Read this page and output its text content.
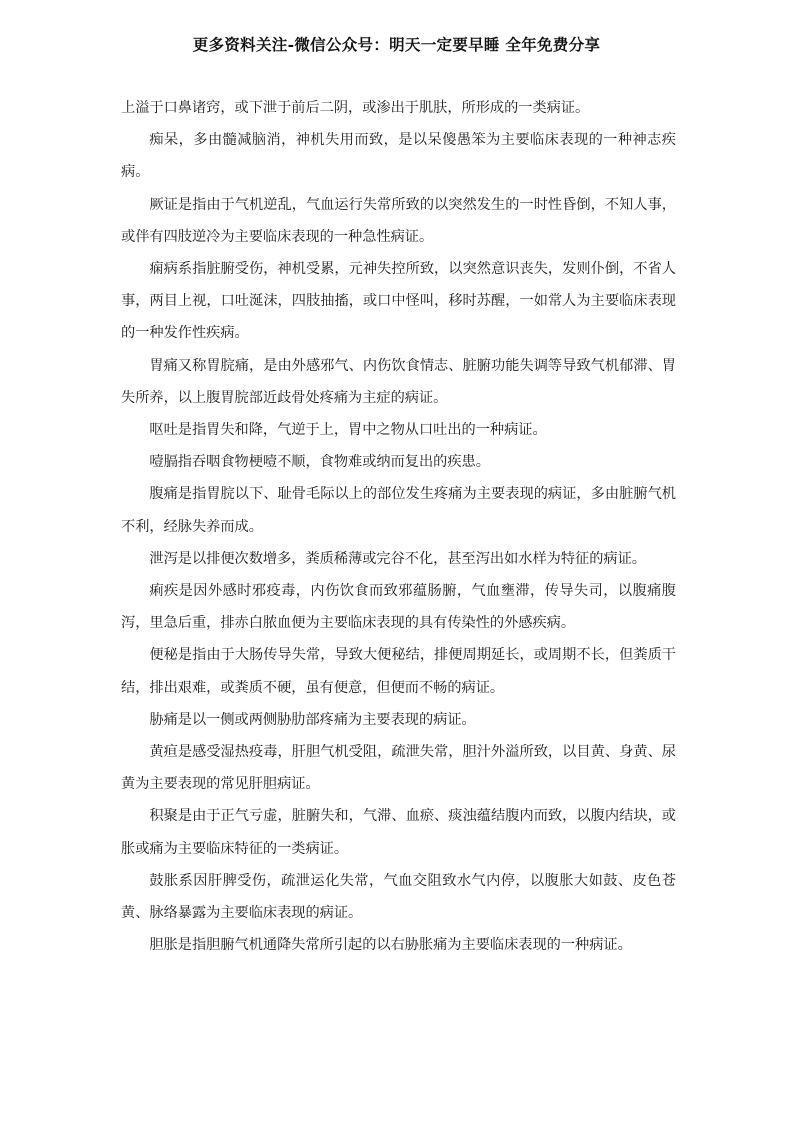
更多资料关注-微信公众号：明天一定要早睡 全年免费分享

上溢于口鼻诸窍，或下泄于前后二阴，或渗出于肌肤，所形成的一类病证。

痴呆，多由髓减脑消，神机失用而致，是以呆傻愚笨为主要临床表现的一种神志疾病。

厥证是指由于气机逆乱，气血运行失常所致的以突然发生的一时性昏倒，不知人事，或伴有四肢逆冷为主要临床表现的一种急性病证。

痫病系指脏腑受伤，神机受累，元神失控所致，以突然意识丧失，发则仆倒，不省人事，两目上视，口吐涎沫，四肢抽搐，或口中怪叫，移时苏醒，一如常人为主要临床表现的一种发作性疾病。

胃痛又称胃脘痛，是由外感邪气、内伤饮食情志、脏腑功能失调等导致气机郁滞、胃失所养，以上腹胃脘部近歧骨处疼痛为主症的病证。

呕吐是指胃失和降，气逆于上，胃中之物从口吐出的一种病证。

噎膈指吞咽食物梗噎不顺，食物难或纳而复出的疾患。

腹痛是指胃脘以下、耻骨毛际以上的部位发生疼痛为主要表现的病证，多由脏腑气机不利，经脉失养而成。

泄泻是以排便次数增多，粪质稀薄或完谷不化，甚至泻出如水样为特征的病证。

痢疾是因外感时邪疫毒，内伤饮食而致邪蕴肠腑，气血壅滞，传导失司，以腹痛腹泻，里急后重，排赤白脓血便为主要临床表现的具有传染性的外感疾病。

便秘是指由于大肠传导失常，导致大便秘结，排便周期延长，或周期不长，但粪质干结，排出艰难，或粪质不硬，虽有便意，但便而不畅的病证。

胁痛是以一侧或两侧胁肋部疼痛为主要表现的病证。

黄疸是感受湿热疫毒，肝胆气机受阻，疏泄失常，胆汁外溢所致，以目黄、身黄、尿黄为主要表现的常见肝胆病证。

积聚是由于正气亏虚，脏腑失和，气滞、血瘀、痰浊蕴结腹内而致，以腹内结块，或胀或痛为主要临床特征的一类病证。

鼓胀系因肝脾受伤，疏泄运化失常，气血交阻致水气内停，以腹胀大如鼓、皮色苍黄、脉络暴露为主要临床表现的病证。

胆胀是指胆腑气机通降失常所引起的以右胁胀痛为主要临床表现的一种病证。
